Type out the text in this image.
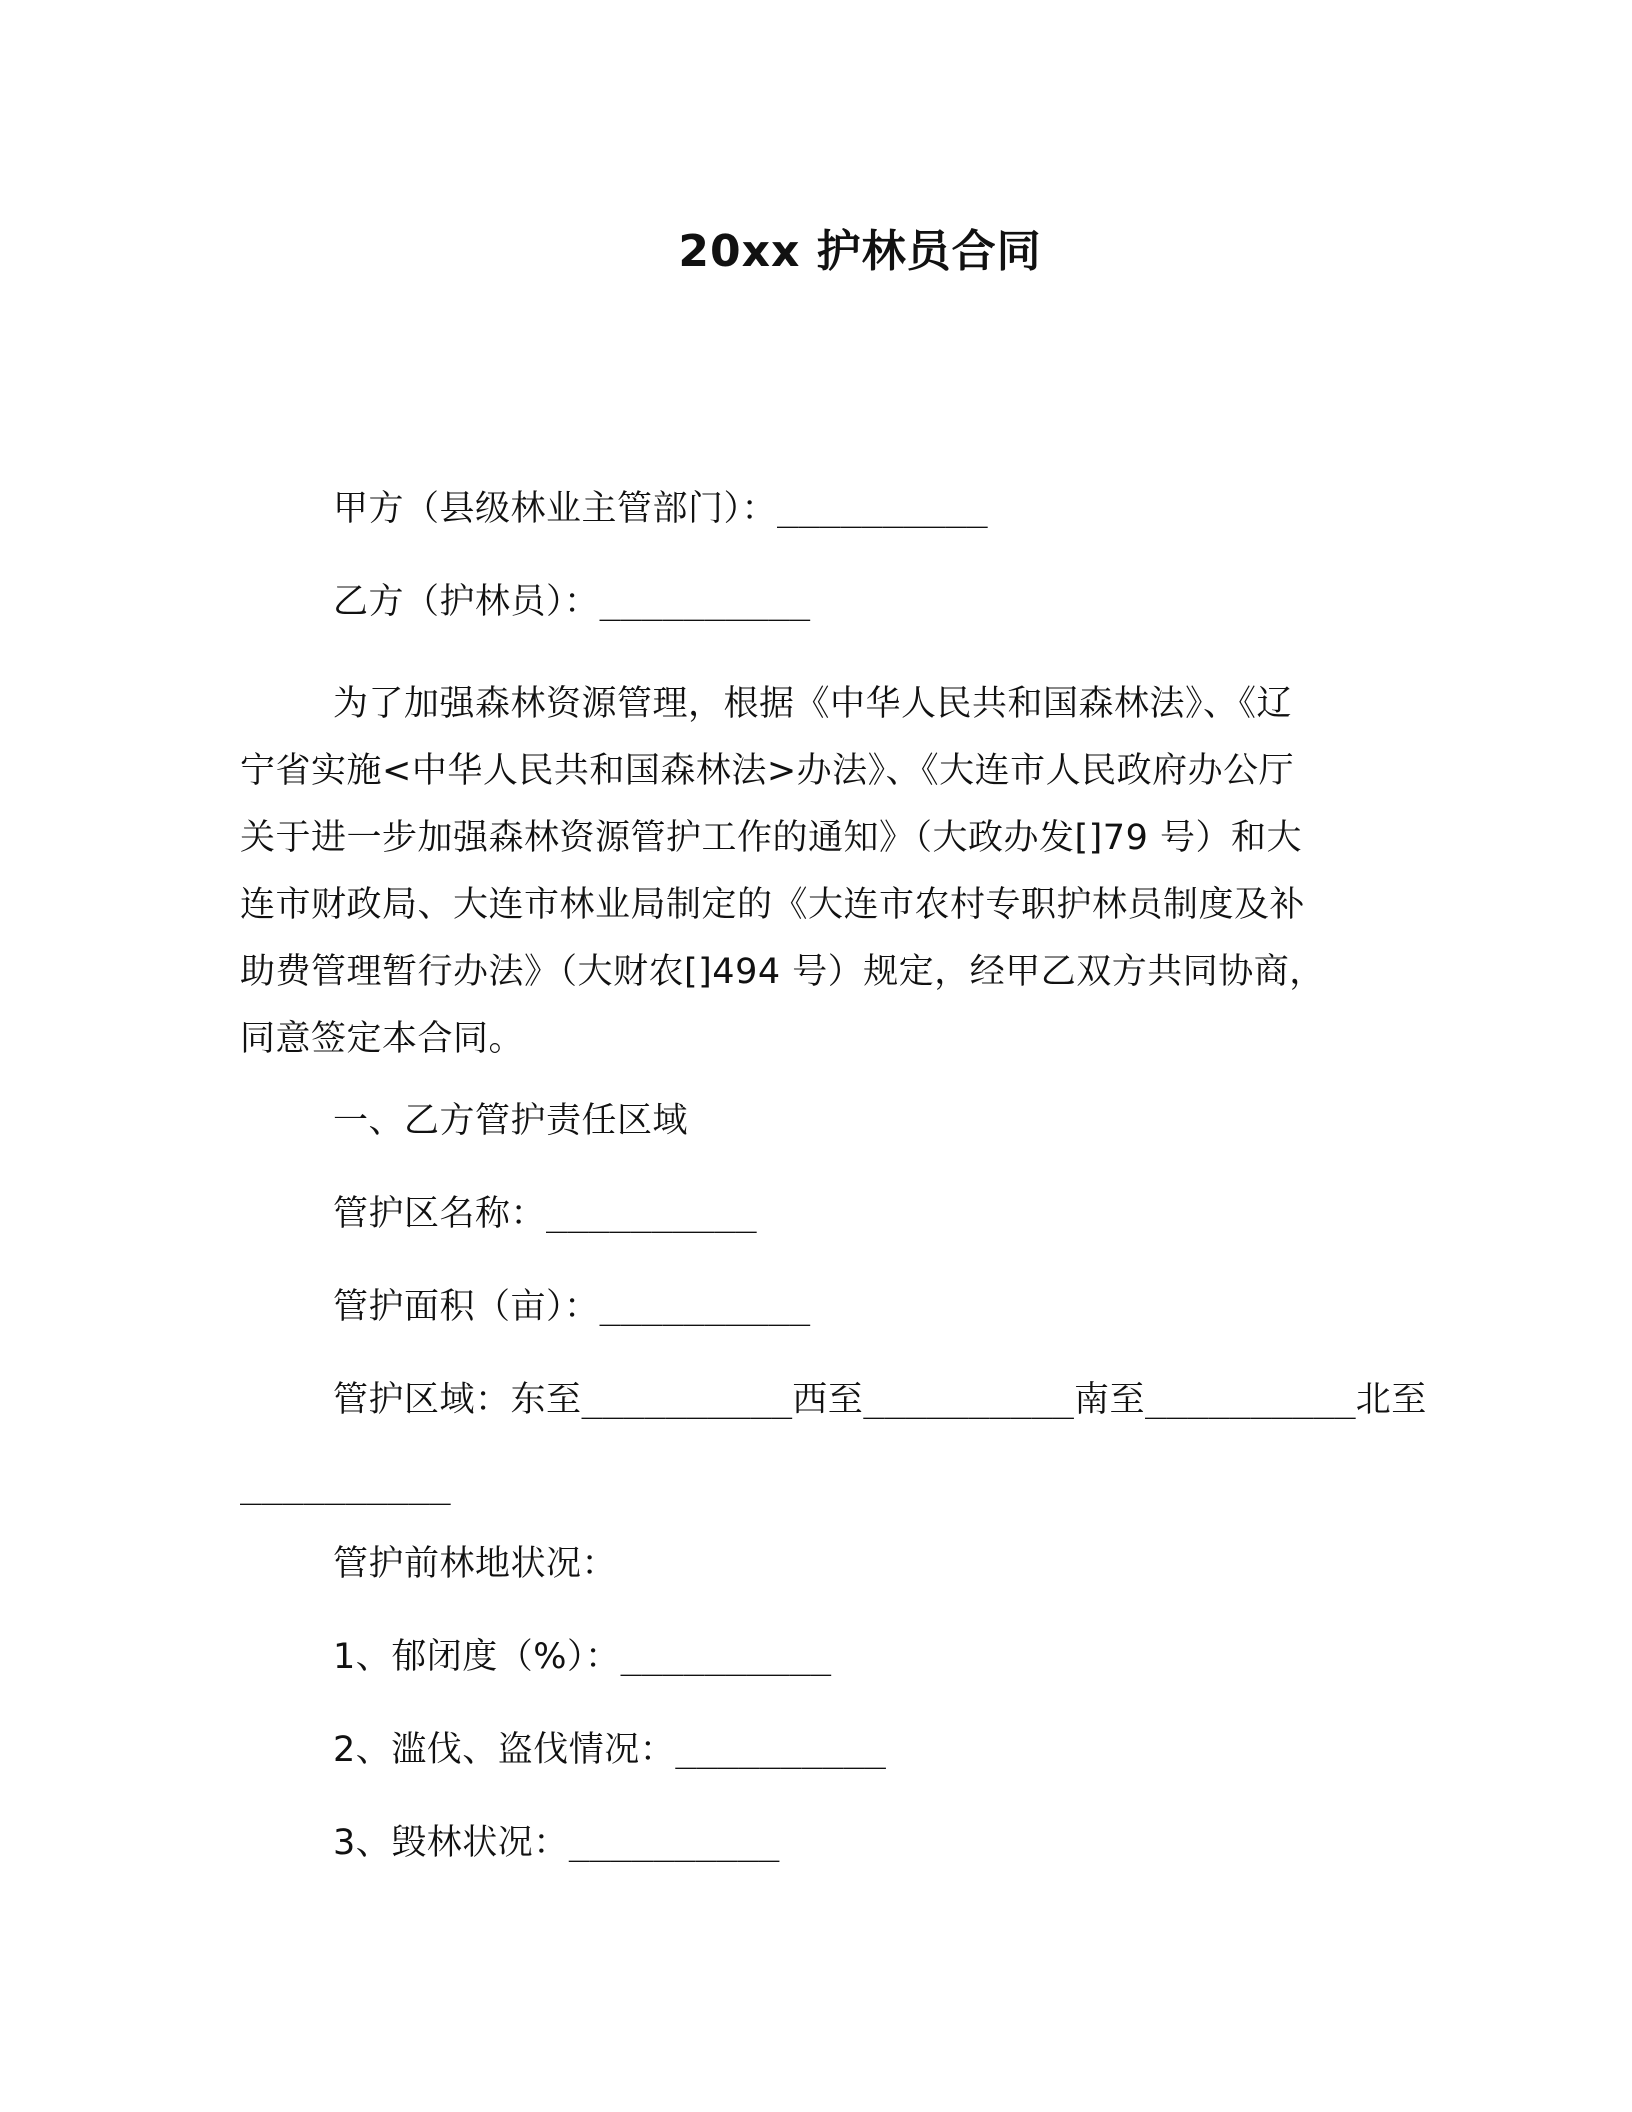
20xx 护林员合同
甲方（县级林业主管部门）：__________
乙方（护林员）：__________
为了加强森林资源管理，根据《中华人民共和国森林法》、《辽
宁省实施<中华人民共和国森林法>办法》、《大连市人民政府办公厅
关于进一步加强森林资源管护工作的通知》（大政办发[]79 号）和大
连市财政局、大连市林业局制定的《大连市农村专职护林员制度及补
助费管理暂行办法》（大财农[]494 号）规定，经甲乙双方共同协商，
同意签定本合同。
一、乙方管护责任区域
管护区名称：__________
管护面积（亩）：__________
管护区域：东至__________西至__________南至__________北至
__________
管护前林地状况：
1、郁闭度（%）：__________
2、滥伐、盗伐情况：__________
3、毁林状况：__________
